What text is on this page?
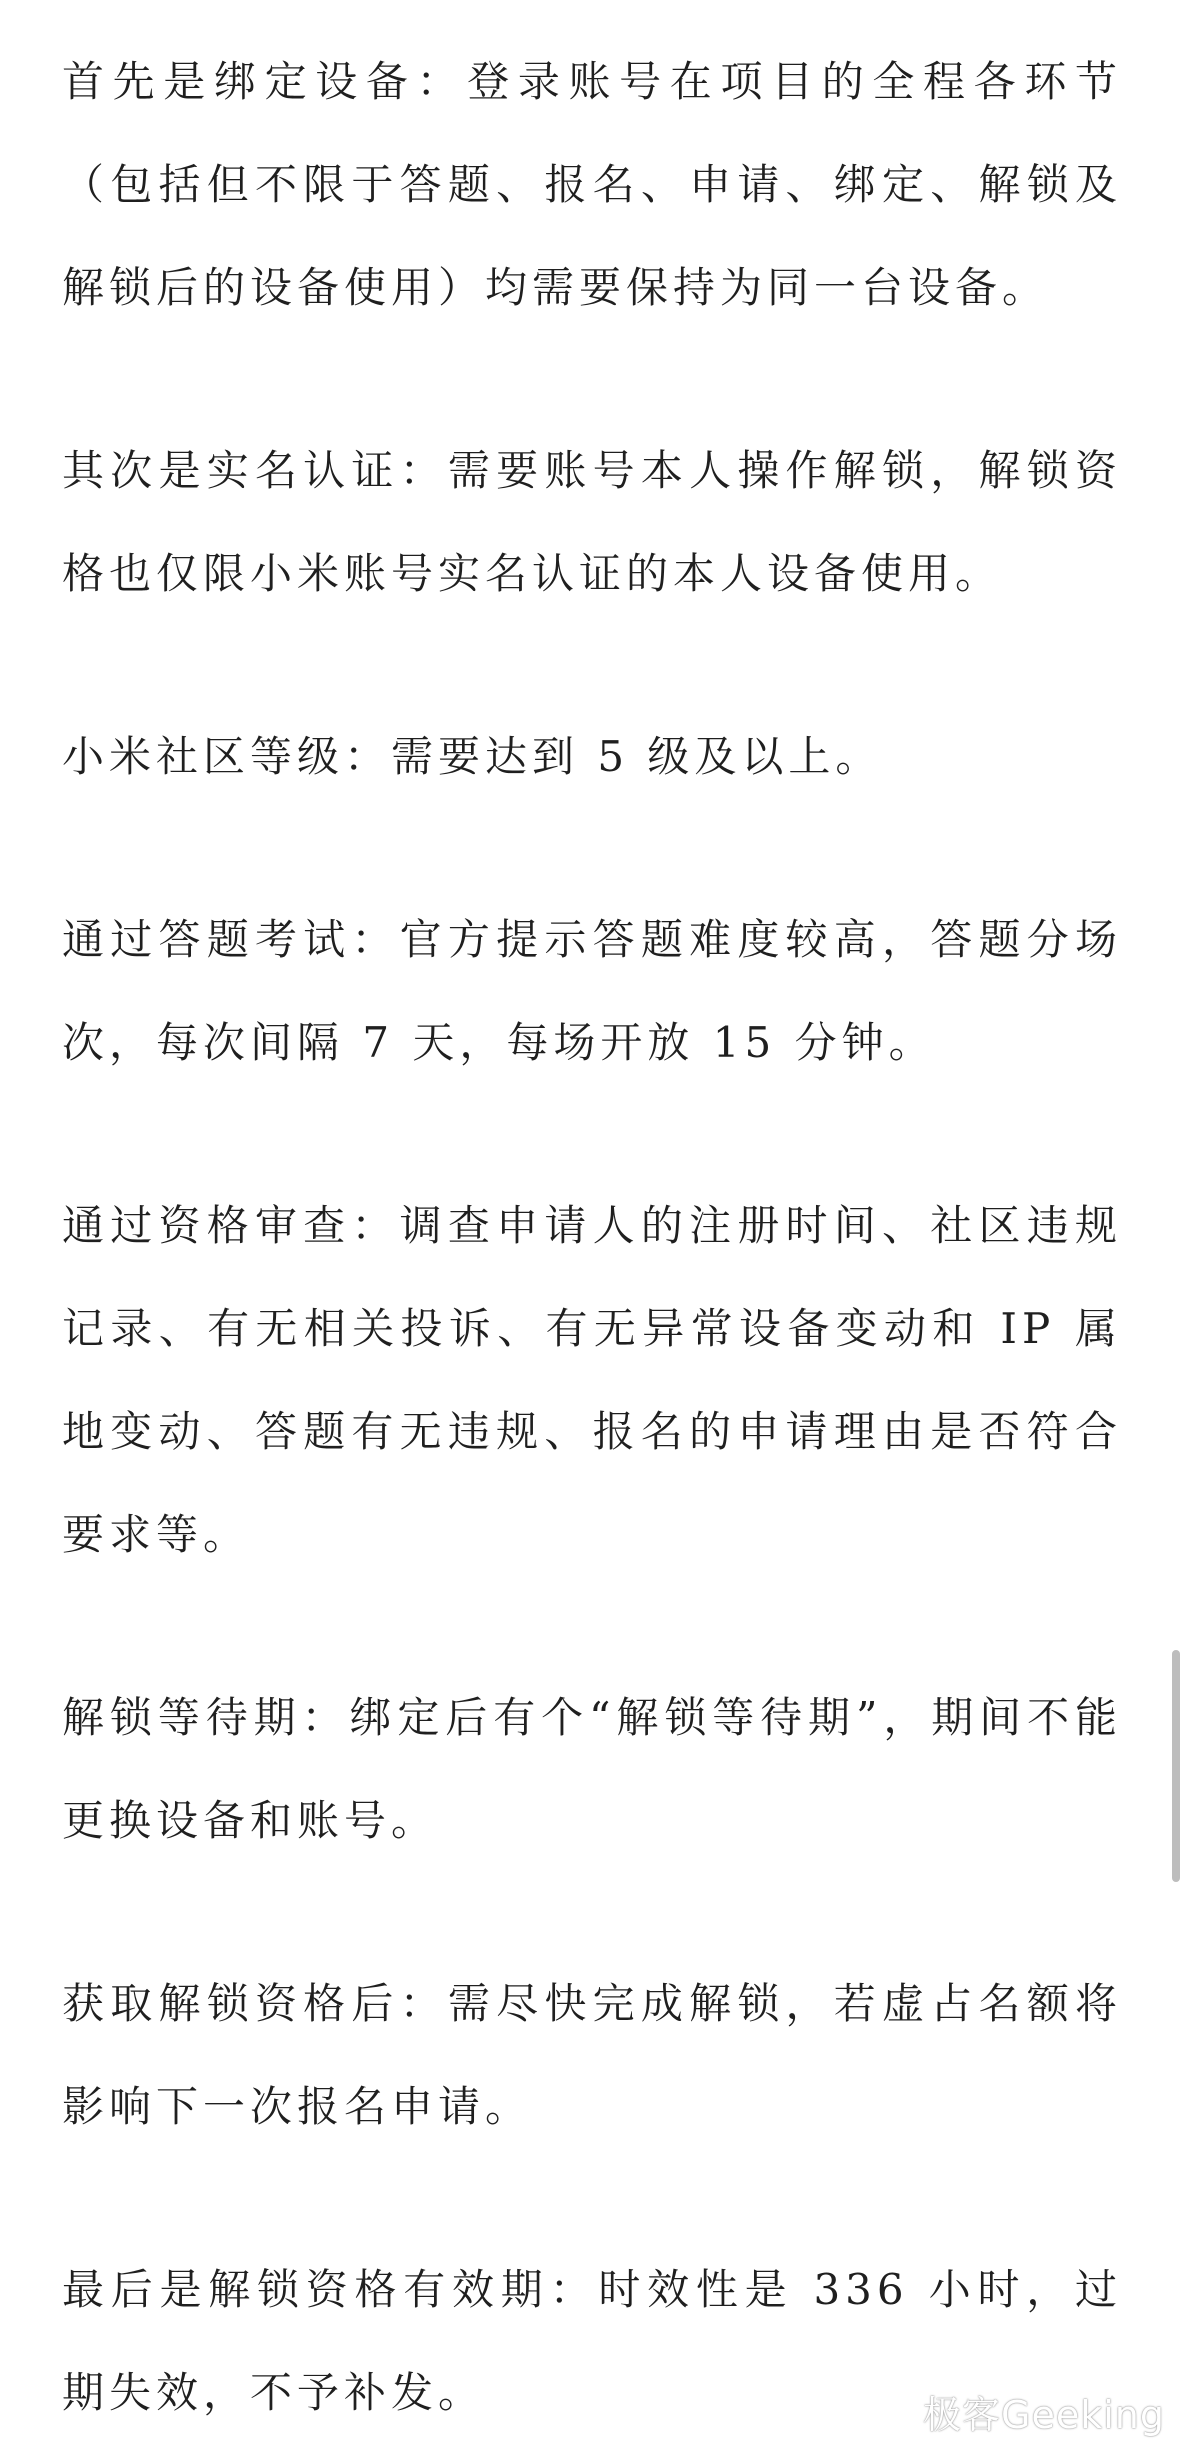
首先是绑定设备：登录账号在项目的全程各环节（包括但不限于答题、报名、申请、绑定、解锁及解锁后的设备使用）均需要保持为同一台设备。

其次是实名认证：需要账号本人操作解锁，解锁资格也仅限小米账号实名认证的本人设备使用。

小米社区等级：需要达到 5 级及以上。

通过答题考试：官方提示答题难度较高，答题分场次，每次间隔 7 天，每场开放 15 分钟。

通过资格审查：调查申请人的注册时间、社区违规记录、有无相关投诉、有无异常设备变动和 IP 属地变动、答题有无违规、报名的申请理由是否符合要求等。

解锁等待期：绑定后有个“解锁等待期”，期间不能更换设备和账号。

获取解锁资格后：需尽快完成解锁，若虚占名额将影响下一次报名申请。

最后是解锁资格有效期：时效性是 336 小时，过期失效，不予补发。	极客Geeking
